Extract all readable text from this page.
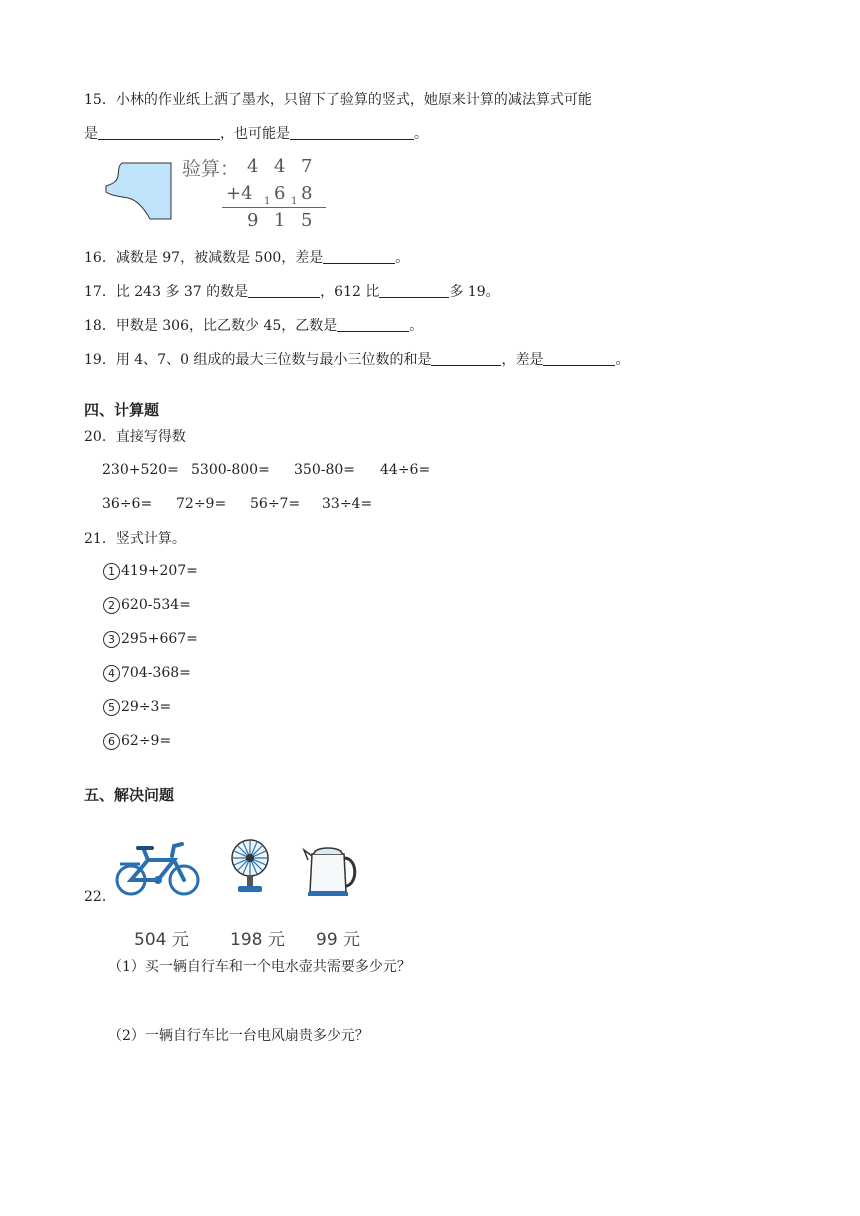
15．小林的作业纸上洒了墨水，只留下了验算的竖式，她原来计算的减法算式可能
是	，也可能是	。
验算： 4 4 7
+4 1 6 1 8
9 1 5
16．减数是 97，被减数是 500，差是	。
17．比 243 多 37 的数是	，612 比	多 19。
18．甲数是 306，比乙数少 45，乙数是	。
19．用 4、7、0 组成的最大三位数与最小三位数的和是	，差是	。
四、计算题
20．直接写得数
230+520= 5300-800= 350-80= 44÷6=
36÷6= 72÷9= 56÷7= 33÷4=
21．竖式计算。
1 419+207=
2 620-534=
3 295+667=
4 704-368=
5 29÷3=
6 62÷9=
五、解决问题
22．
504 元 198 元 99 元
（1）买一辆自行车和一个电水壶共需要多少元？
（2）一辆自行车比一台电风扇贵多少元？
